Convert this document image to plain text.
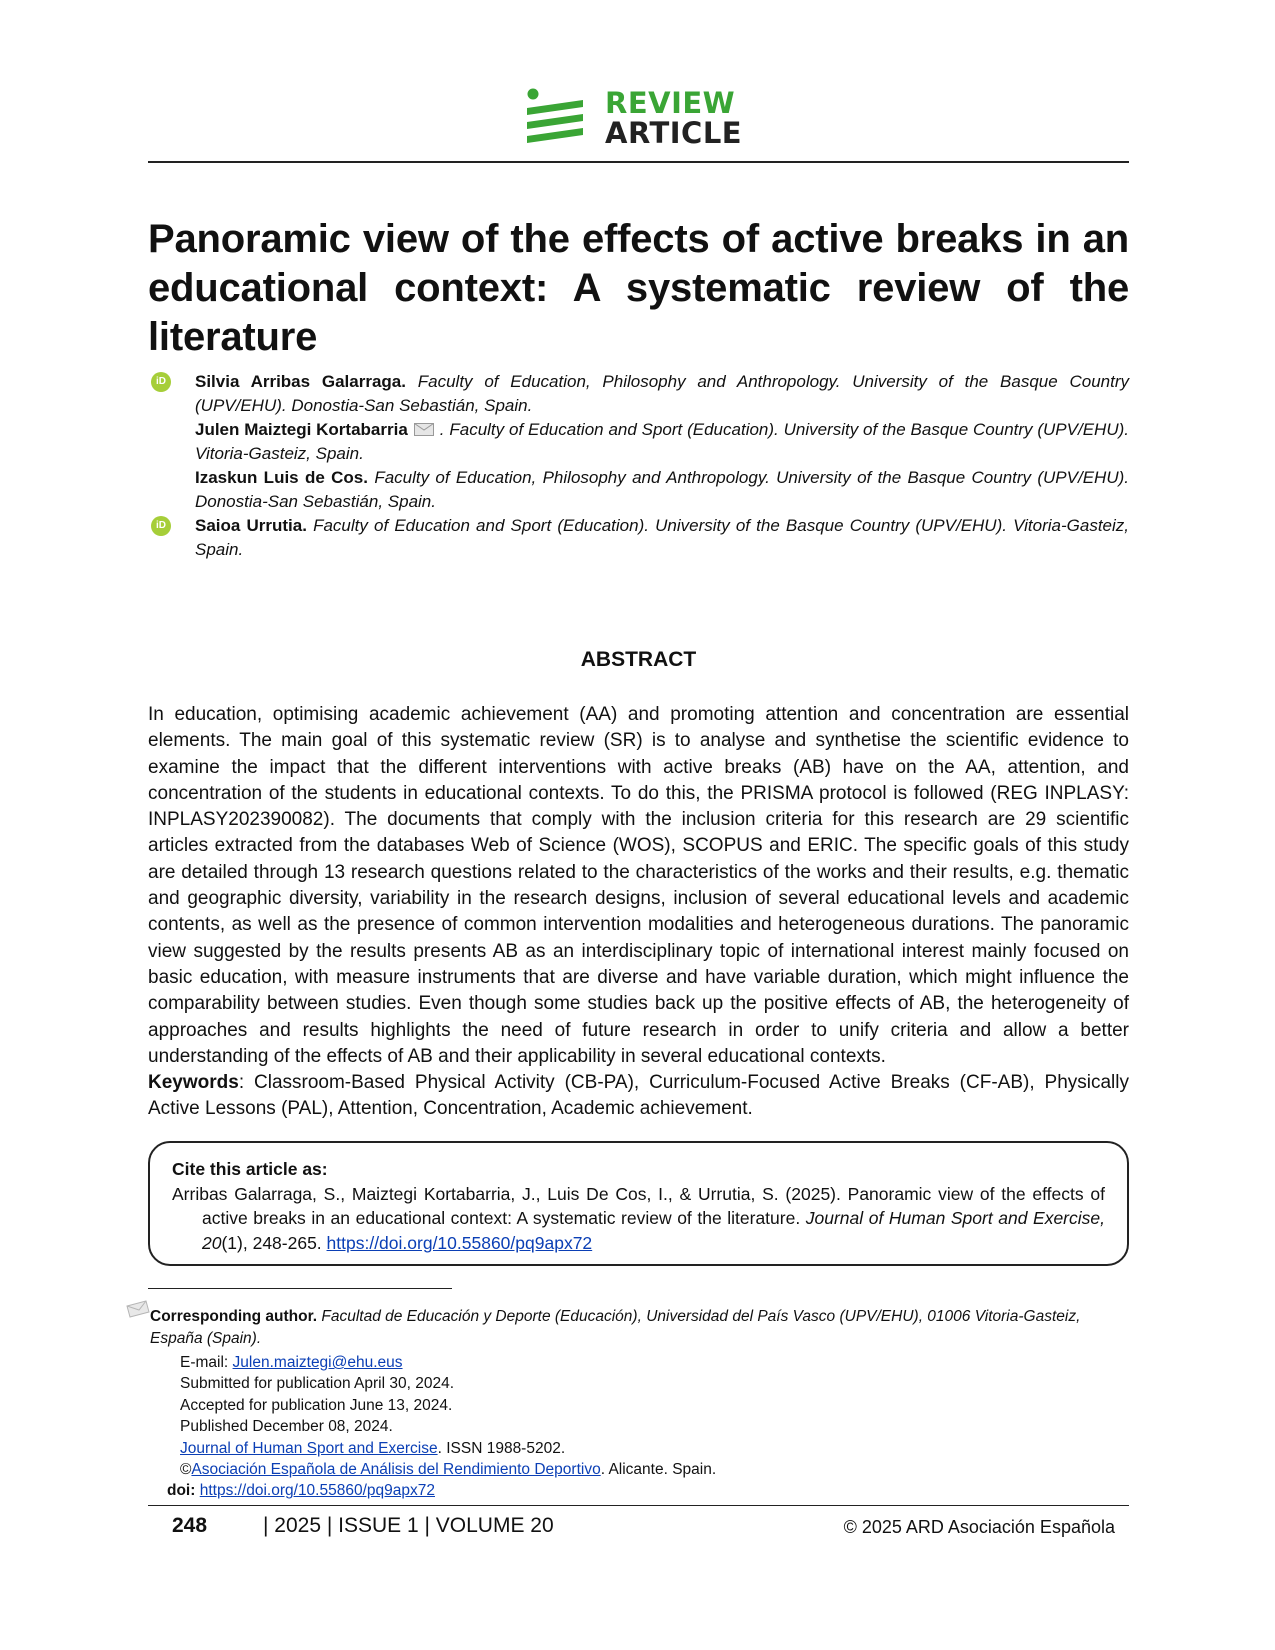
REVIEW
ARTICLE
Panoramic view of the effects of active breaks in an
educational context: A systematic review of the literature
iD
Silvia Arribas Galarraga. Faculty of Education, Philosophy and Anthropology. University of the Basque Country (UPV/EHU). Donostia-San Sebastián, Spain.
Julen Maiztegi Kortabarria . Faculty of Education and Sport (Education). University of the Basque Country (UPV/EHU). Vitoria-Gasteiz, Spain.
Izaskun Luis de Cos. Faculty of Education, Philosophy and Anthropology. University of the Basque Country (UPV/EHU). Donostia-San Sebastián, Spain.
iD
Saioa Urrutia. Faculty of Education and Sport (Education). University of the Basque Country (UPV/EHU). Vitoria-Gasteiz, Spain.
ABSTRACT

In education, optimising academic achievement (AA) and promoting attention and concentration are essential elements. The main goal of this systematic review (SR) is to analyse and synthetise the scientific evidence to examine the impact that the different interventions with active breaks (AB) have on the AA, attention, and concentration of the students in educational contexts. To do this, the PRISMA protocol is followed (REG INPLASY: INPLASY202390082). The documents that comply with the inclusion criteria for this research are 29 scientific articles extracted from the databases Web of Science (WOS), SCOPUS and ERIC. The specific goals of this study are detailed through 13 research questions related to the characteristics of the works and their results, e.g. thematic and geographic diversity, variability in the research designs, inclusion of several educational levels and academic contents, as well as the presence of common intervention modalities and heterogeneous durations. The panoramic view suggested by the results presents AB as an interdisciplinary topic of international interest mainly focused on basic education, with measure instruments that are diverse and have variable duration, which might influence the comparability between studies. Even though some studies back up the positive effects of AB, the heterogeneity of approaches and results highlights the need of future research in order to unify criteria and allow a better understanding of the effects of AB and their applicability in several educational contexts.

Keywords: Classroom-Based Physical Activity (CB-PA), Curriculum-Focused Active Breaks (CF-AB), Physically Active Lessons (PAL), Attention, Concentration, Academic achievement.

Cite this article as:
Arribas Galarraga, S., Maiztegi Kortabarria, J., Luis De Cos, I., & Urrutia, S. (2025). Panoramic view of the effects of active breaks in an educational context: A systematic review of the literature. Journal of Human Sport and Exercise, 20(1), 248-265. https://doi.org/10.55860/pq9apx72
Corresponding author. Facultad de Educación y Deporte (Educación), Universidad del País Vasco (UPV/EHU), 01006 Vitoria-Gasteiz, España (Spain).
E-mail: Julen.maiztegi@ehu.eus
Submitted for publication April 30, 2024.
Accepted for publication June 13, 2024.
Published December 08, 2024.
Journal of Human Sport and Exercise. ISSN 1988-5202.
©Asociación Española de Análisis del Rendimiento Deportivo. Alicante. Spain.
doi: https://doi.org/10.55860/pq9apx72
248	| 2025 | ISSUE 1 | VOLUME 20	© 2025 ARD Asociación Española
